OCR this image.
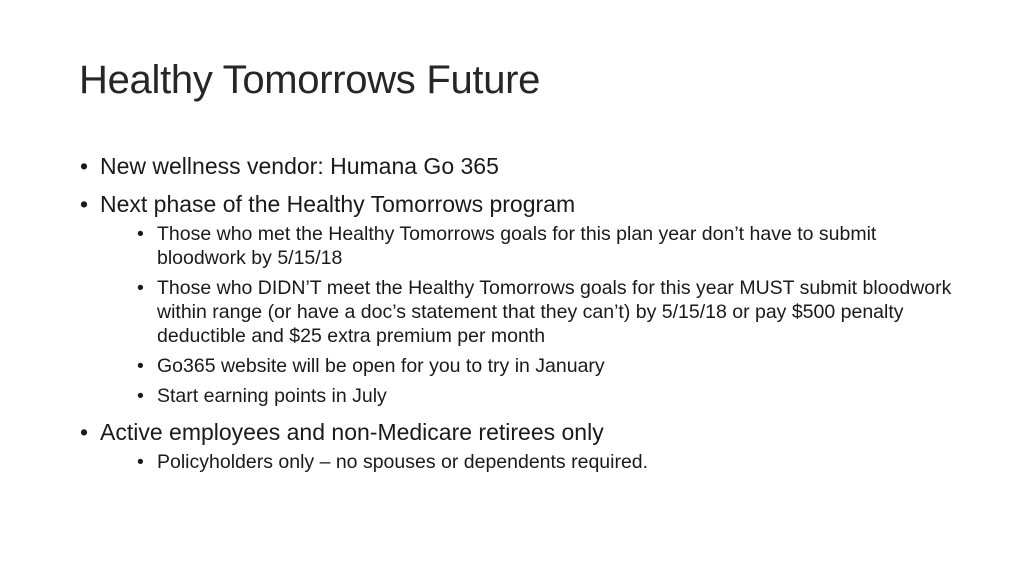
Healthy Tomorrows Future
• New wellness vendor: Humana Go 365
• Next phase of the Healthy Tomorrows program
• Those who met the Healthy Tomorrows goals for this plan year don’t have to submit bloodwork by 5/15/18
• Those who DIDN’T meet the Healthy Tomorrows goals for this year MUST submit bloodwork within range (or have a doc’s statement that they can’t) by 5/15/18 or pay $500 penalty deductible and $25 extra premium per month
• Go365 website will be open for you to try in January
• Start earning points in July
• Active employees and non-Medicare retirees only
• Policyholders only – no spouses or dependents required.
